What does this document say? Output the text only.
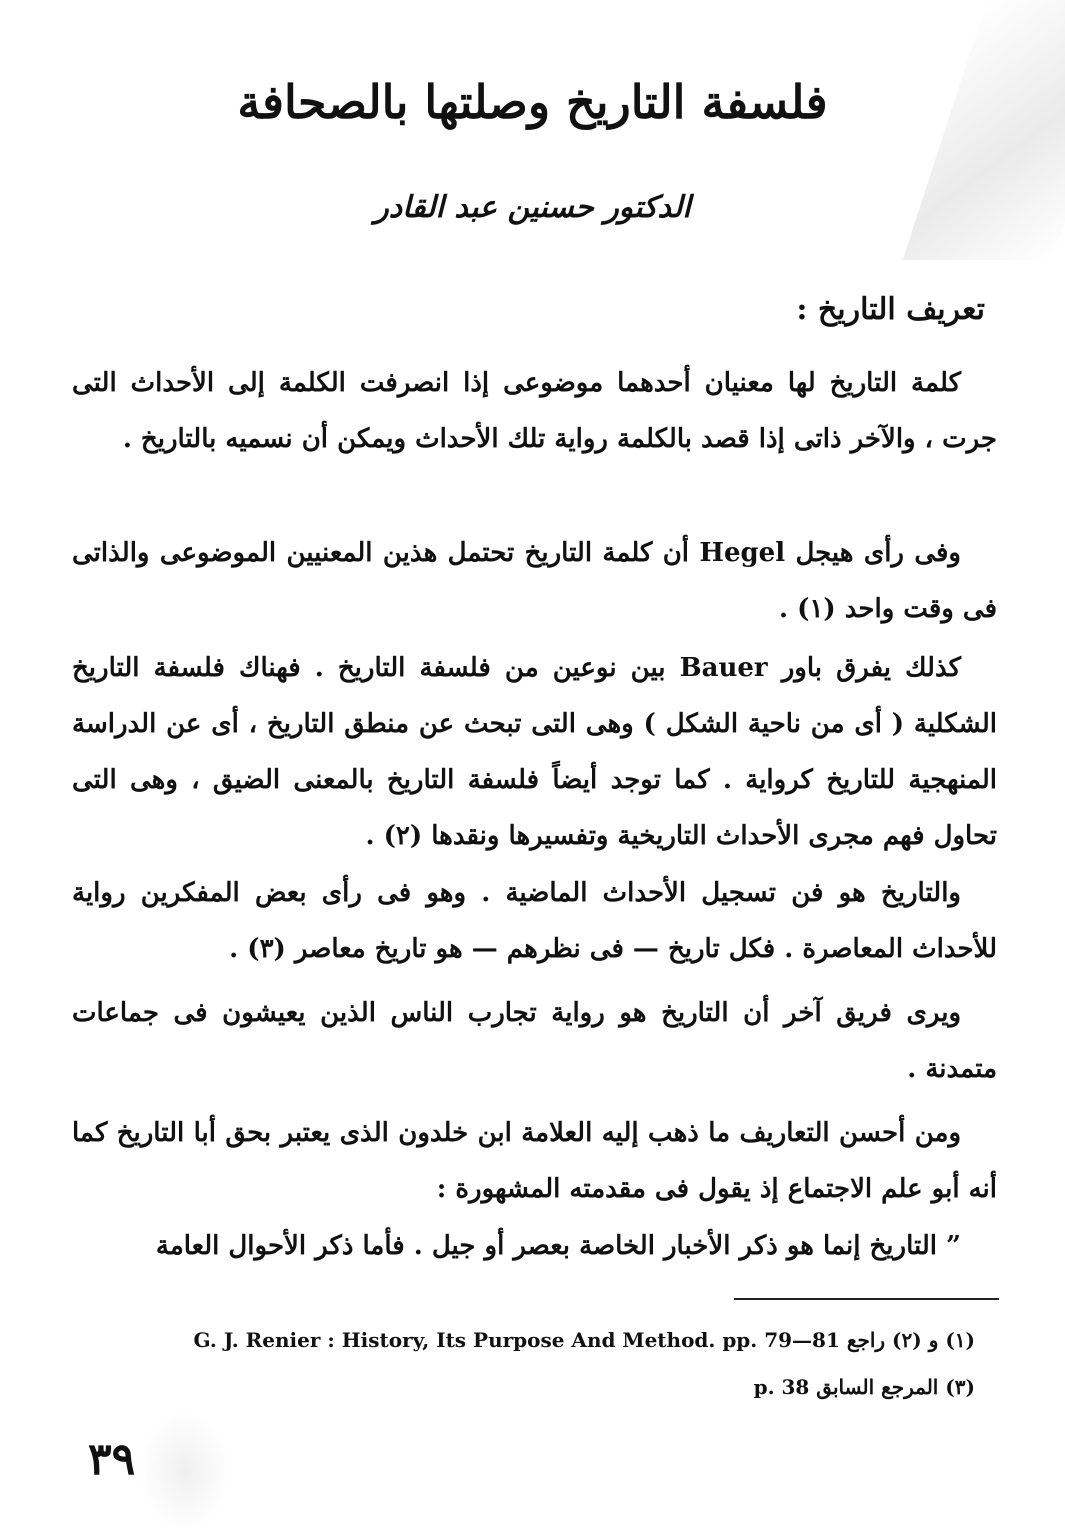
فلسفة التاريخ وصلتها بالصحافة
الدكتور حسنين عبد القادر
تعريف التاريخ :

كلمة التاريخ لها معنيان أحدهما موضوعى إذا انصرفت الكلمة إلى الأحداث التى جرت ، والآخر ذاتى إذا قصد بالكلمة رواية تلك الأحداث ويمكن أن نسميه بالتاريخ .

وفى رأى هيجل Hegel أن كلمة التاريخ تحتمل هذين المعنيين الموضوعى والذاتى فى وقت واحد (١) .

كذلك يفرق باور Bauer بين نوعين من فلسفة التاريخ . فهناك فلسفة التاريخ الشكلية ( أى من ناحية الشكل ) وهى التى تبحث عن منطق التاريخ ، أى عن الدراسة المنهجية للتاريخ كرواية . كما توجد أيضاً فلسفة التاريخ بالمعنى الضيق ، وهى التى تحاول فهم مجرى الأحداث التاريخية وتفسيرها ونقدها (٢) .

والتاريخ هو فن تسجيل الأحداث الماضية . وهو فى رأى بعض المفكرين رواية للأحداث المعاصرة . فكل تاريخ — فى نظرهم — هو تاريخ معاصر (٣) .

ويرى فريق آخر أن التاريخ هو رواية تجارب الناس الذين يعيشون فى جماعات متمدنة .

ومن أحسن التعاريف ما ذهب إليه العلامة ابن خلدون الذى يعتبر بحق أبا التاريخ كما أنه أبو علم الاجتماع إذ يقول فى مقدمته المشهورة :

” التاريخ إنما هو ذكر الأخبار الخاصة بعصر أو جيل . فأما ذكر الأحوال العامة

(١) و (٢) راجع G. J. Renier : History, Its Purpose And Method. pp. 79—81
(٣) المرجع السابق p. 38
٣٩
